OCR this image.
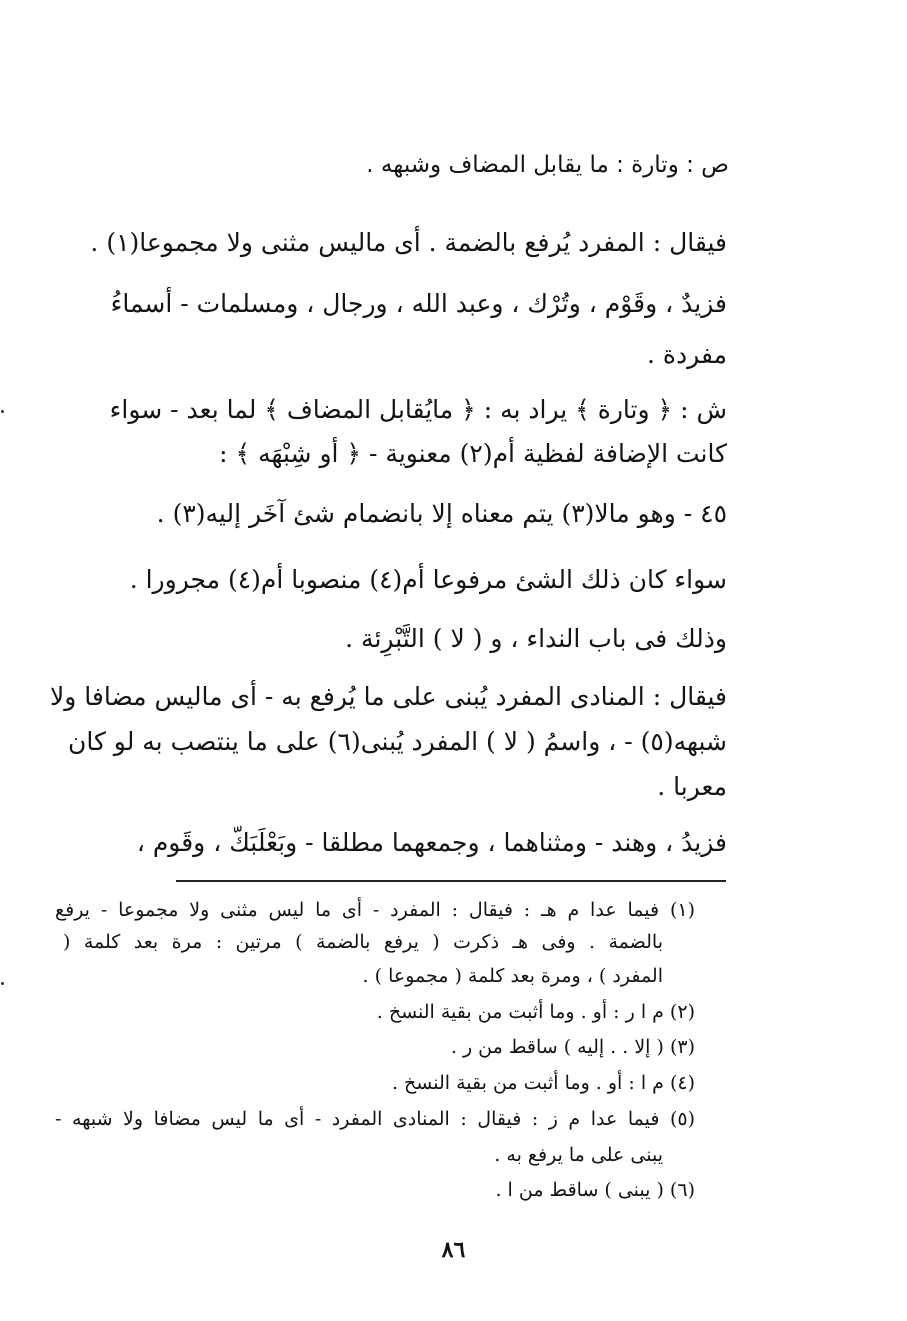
ص : وتارة : ما يقابل المضاف وشبهه .
فيقال : المفرد يُرفع بالضمة . أى ماليس مثنى ولا مجموعا(١) .
فزيدٌ ، وقَوْم ، وتُرْك ، وعبد الله ، ورجال ، ومسلمات - أسماءُ
مفردة .
ش : ﴿ وتارة ﴾ يراد به : ﴿ مايُقابل المضاف ﴾ لما بعد - سواء
كانت الإضافة لفظية أم(٢) معنوية - ﴿ أو شِبْهَه ﴾ :
٤٥ - وهو مالا(٣) يتم معناه إلا بانضمام شئ آخَر إليه(٣) .
سواء كان ذلك الشئ مرفوعا أم(٤) منصوبا أم(٤) مجرورا .
وذلك فى باب النداء ، و ( لا ) التَّبْرِئة .
فيقال : المنادى المفرد يُبنى على ما يُرفع به - أى ماليس مضافا ولا
شبهه(٥) - ، واسمُ ( لا ) المفرد يُبنى(٦) على ما ينتصب به لو كان
معربا .
فزيدُ ، وهند - ومثناهما ، وجمعهما مطلقا - وبَعْلَبَكّ ، وقَوم ،
(١) فيما عدا م هـ : فيقال : المفرد - أى ما ليس مثنى ولا مجموعا - يرفع
بالضمة . وفى هـ ذكرت ( يرفع بالضمة ) مرتين : مرة بعد كلمة (
المفرد ) ، ومرة بعد كلمة ( مجموعا ) .
(٢) م ا ر : أو . وما أثبت من بقية النسخ .
(٣) ( إلا . . إليه ) ساقط من ر .
(٤) م ا : أو . وما أثبت من بقية النسخ .
(٥) فيما عدا م ز : فيقال : المنادى المفرد - أى ما ليس مضافا ولا شبهه -
يبنى على ما يرفع به .
(٦) ( يبنى ) ساقط من ا .
٨٦
